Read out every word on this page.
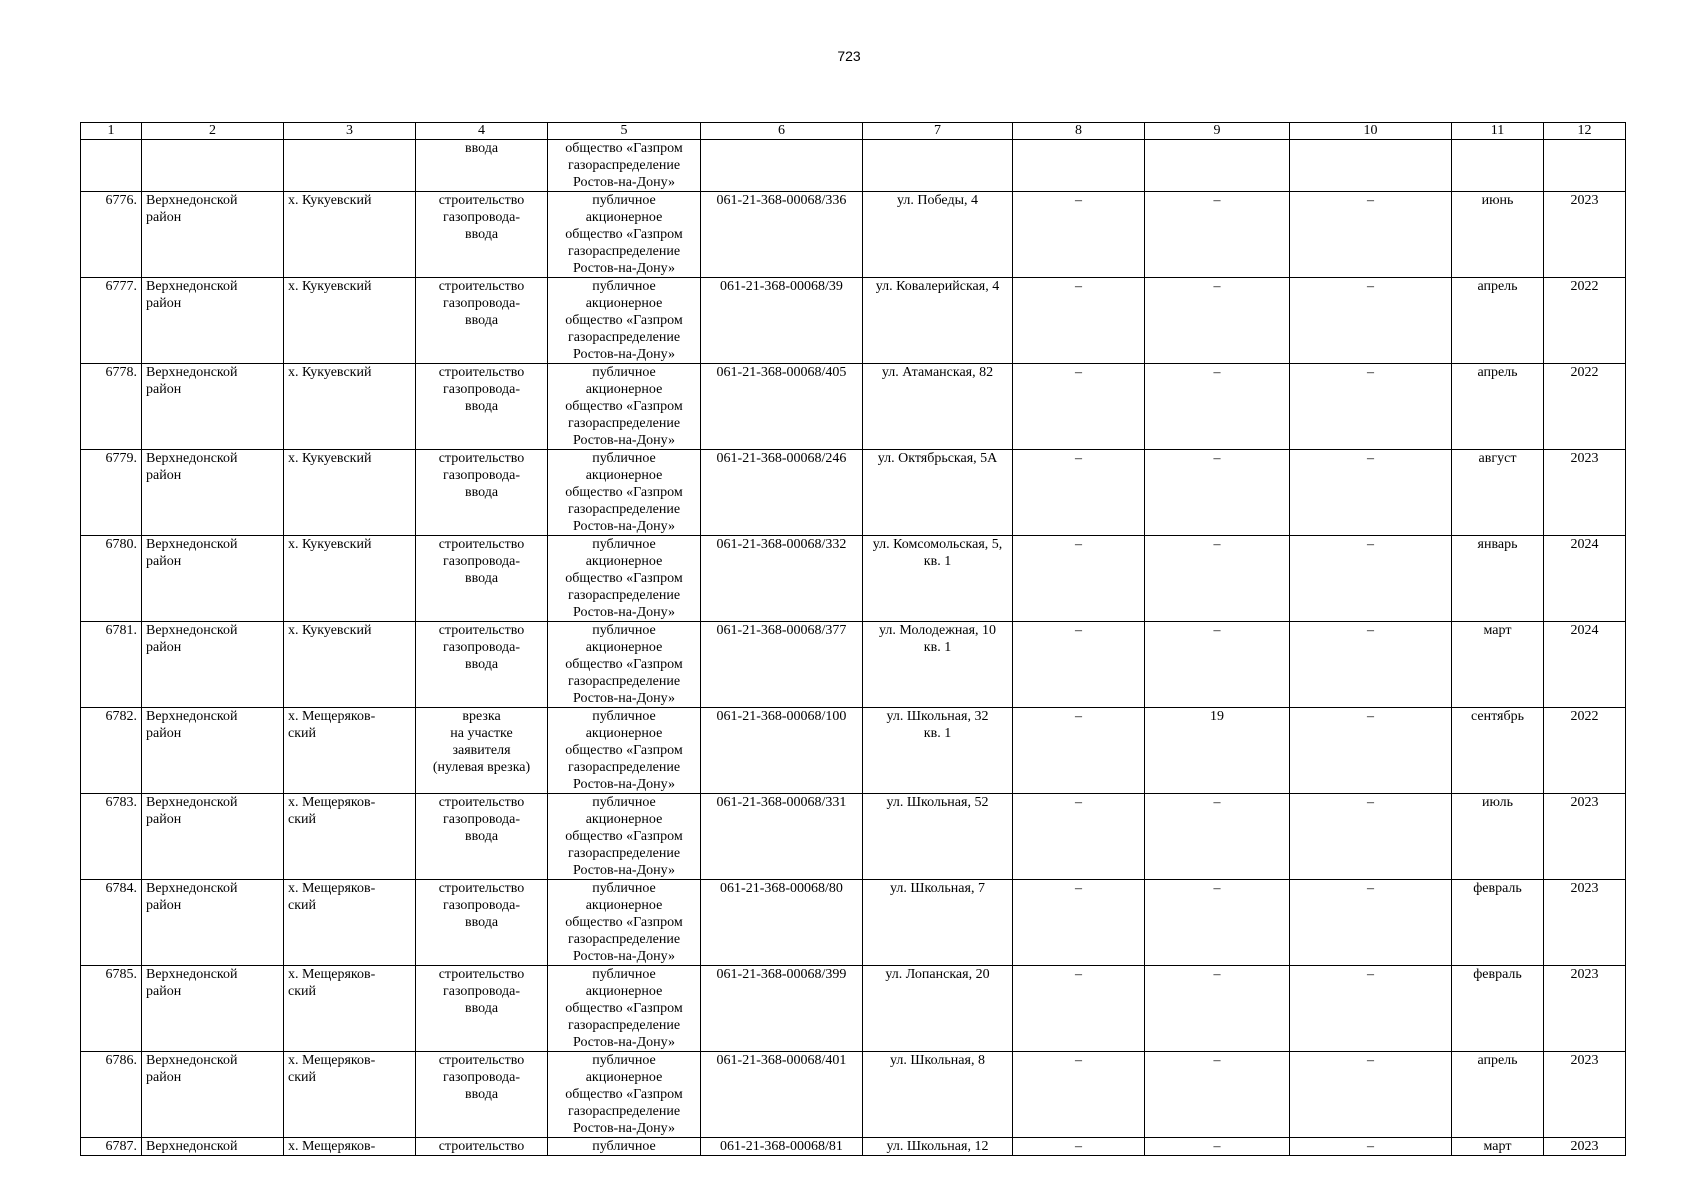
723
1	2	3	4	5	6	7	8	9	10	11	12
			ввода	общество «Газпром
газораспределение
Ростов-на-Дону»							
6776.	Верхнедонской
район	х. Кукуевский	строительство
газопровода-
ввода	публичное
акционерное
общество «Газпром
газораспределение
Ростов-на-Дону»	061-21-368-00068/336	ул. Победы, 4	–	–	–	июнь	2023
6777.	Верхнедонской
район	х. Кукуевский	строительство
газопровода-
ввода	публичное
акционерное
общество «Газпром
газораспределение
Ростов-на-Дону»	061-21-368-00068/39	ул. Ковалерийская, 4	–	–	–	апрель	2022
6778.	Верхнедонской
район	х. Кукуевский	строительство
газопровода-
ввода	публичное
акционерное
общество «Газпром
газораспределение
Ростов-на-Дону»	061-21-368-00068/405	ул. Атаманская, 82	–	–	–	апрель	2022
6779.	Верхнедонской
район	х. Кукуевский	строительство
газопровода-
ввода	публичное
акционерное
общество «Газпром
газораспределение
Ростов-на-Дону»	061-21-368-00068/246	ул. Октябрьская, 5А	–	–	–	август	2023
6780.	Верхнедонской
район	х. Кукуевский	строительство
газопровода-
ввода	публичное
акционерное
общество «Газпром
газораспределение
Ростов-на-Дону»	061-21-368-00068/332	ул. Комсомольская, 5,
кв. 1	–	–	–	январь	2024
6781.	Верхнедонской
район	х. Кукуевский	строительство
газопровода-
ввода	публичное
акционерное
общество «Газпром
газораспределение
Ростов-на-Дону»	061-21-368-00068/377	ул. Молодежная, 10
кв. 1	–	–	–	март	2024
6782.	Верхнедонской
район	х. Мещеряков-
ский	врезка
на участке
заявителя
(нулевая врезка)	публичное
акционерное
общество «Газпром
газораспределение
Ростов-на-Дону»	061-21-368-00068/100	ул. Школьная, 32
кв. 1	–	19	–	сентябрь	2022
6783.	Верхнедонской
район	х. Мещеряков-
ский	строительство
газопровода-
ввода	публичное
акционерное
общество «Газпром
газораспределение
Ростов-на-Дону»	061-21-368-00068/331	ул. Школьная, 52	–	–	–	июль	2023
6784.	Верхнедонской
район	х. Мещеряков-
ский	строительство
газопровода-
ввода	публичное
акционерное
общество «Газпром
газораспределение
Ростов-на-Дону»	061-21-368-00068/80	ул. Школьная, 7	–	–	–	февраль	2023
6785.	Верхнедонской
район	х. Мещеряков-
ский	строительство
газопровода-
ввода	публичное
акционерное
общество «Газпром
газораспределение
Ростов-на-Дону»	061-21-368-00068/399	ул. Лопанская, 20	–	–	–	февраль	2023
6786.	Верхнедонской
район	х. Мещеряков-
ский	строительство
газопровода-
ввода	публичное
акционерное
общество «Газпром
газораспределение
Ростов-на-Дону»	061-21-368-00068/401	ул. Школьная, 8	–	–	–	апрель	2023
6787.	Верхнедонской	х. Мещеряков-	строительство	публичное	061-21-368-00068/81	ул. Школьная, 12	–	–	–	март	2023
